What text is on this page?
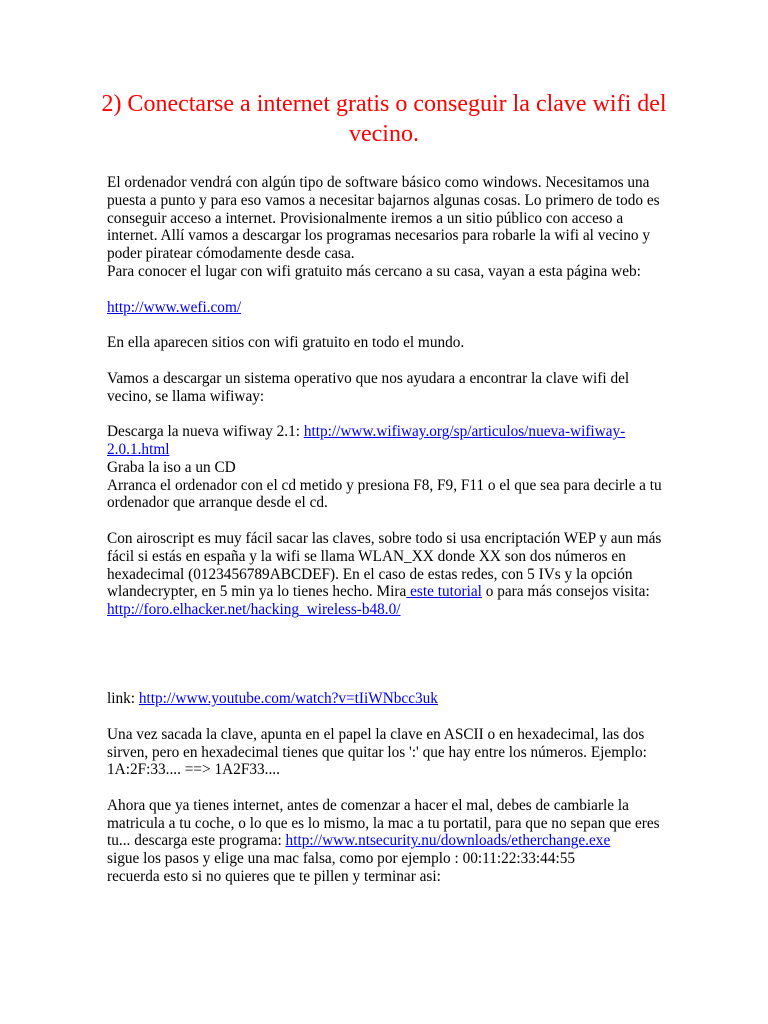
2) Conectarse a internet gratis o conseguir la clave wifi del vecino.

El ordenador vendrá con algún tipo de software básico como windows. Necesitamos una puesta a punto y para eso vamos a necesitar bajarnos algunas cosas. Lo primero de todo es conseguir acceso a internet. Provisionalmente iremos a un sitio público con acceso a internet. Allí vamos a descargar los programas necesarios para robarle la wifi al vecino y poder piratear cómodamente desde casa.

Para conocer el lugar con wifi gratuito más cercano a su casa, vayan a esta página web:

http://www.wefi.com/

En ella aparecen sitios con wifi gratuito en todo el mundo.

Vamos a descargar un sistema operativo que nos ayudara a encontrar la clave wifi del vecino, se llama wifiway:

Descarga la nueva wifiway 2.1: http://www.wifiway.org/sp/articulos/nueva-wifiway-2.0.1.html

Graba la iso a un CD

Arranca el ordenador con el cd metido y presiona F8, F9, F11 o el que sea para decirle a tu ordenador que arranque desde el cd.

Con airoscript es muy fácil sacar las claves, sobre todo si usa encriptación WEP y aun más fácil si estás en españa y la wifi se llama WLAN_XX donde XX son dos números en hexadecimal (0123456789ABCDEF). En el caso de estas redes, con 5 IVs y la opción wlandecrypter, en 5 min ya lo tienes hecho. Mira este tutorial o para más consejos visita:
http://foro.elhacker.net/hacking_wireless-b48.0/

link: http://www.youtube.com/watch?v=tIiWNbcc3uk

Una vez sacada la clave, apunta en el papel la clave en ASCII o en hexadecimal, las dos sirven, pero en hexadecimal tienes que quitar los ':' que hay entre los números. Ejemplo: 1A:2F:33.... ==> 1A2F33....

Ahora que ya tienes internet, antes de comenzar a hacer el mal, debes de cambiarle la matricula a tu coche, o lo que es lo mismo, la mac a tu portatil, para que no sepan que eres tu... descarga este programa: http://www.ntsecurity.nu/downloads/etherchange.exe

sigue los pasos y elige una mac falsa, como por ejemplo : 00:11:22:33:44:55

recuerda esto si no quieres que te pillen y terminar asi:
